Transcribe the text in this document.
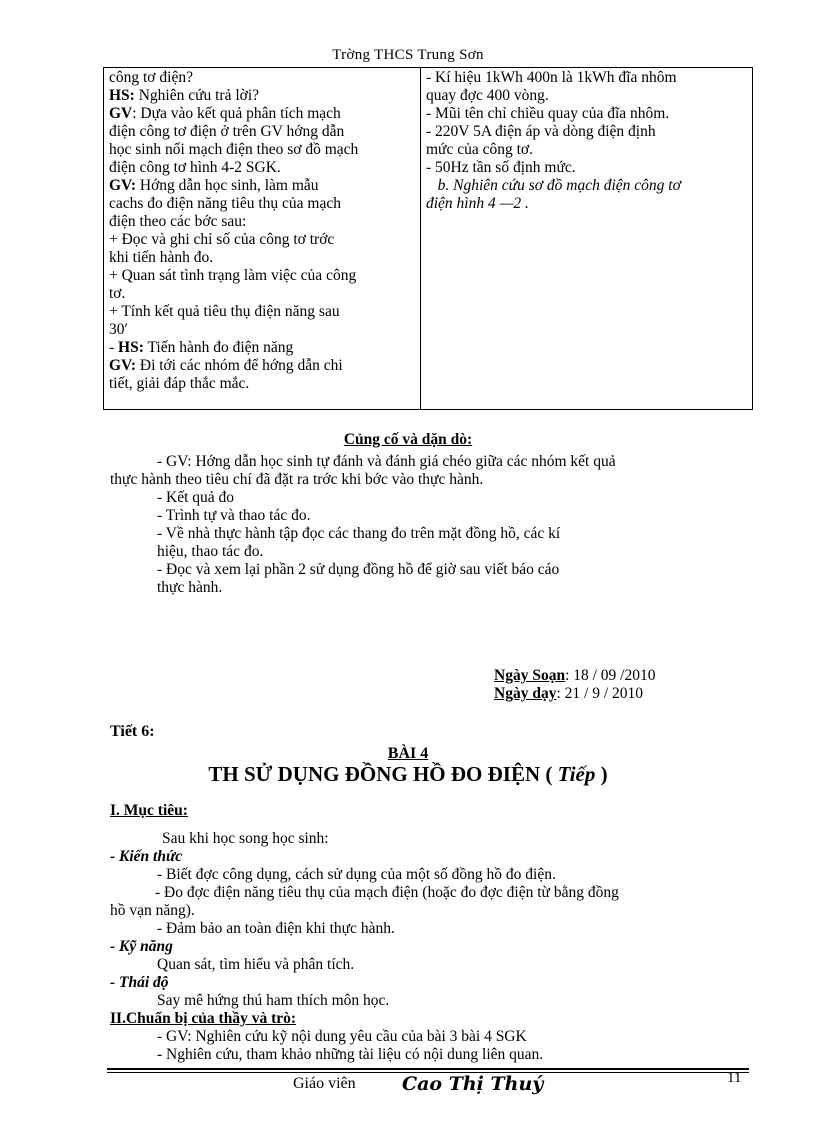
Trờng THCS Trung Sơn
công tơ điện?
HS: Nghiên cứu trả lời?
GV: Dựa vào kết quả phân tích mạch
điện công tơ điện ở trên GV hớng dẫn
học sinh nối mạch điện theo sơ đồ mạch
điện công tơ hình 4-2 SGK.
GV: Hớng dẫn học sinh, làm mẫu
cachs đo điện năng tiêu thụ của mạch
điện theo các bớc sau:
+ Đọc và ghi chỉ số của công tơ trớc
khi tiến hành đo.
+ Quan sát tình trạng làm việc của công
tơ.
+ Tính kết quả tiêu thụ điện năng sau
30′
- HS: Tiến hành đo điện năng
GV: Đi tới các nhóm để hớng dẫn chi
tiết, giải đáp thắc mắc.
- Kí hiệu 1kWh 400n là 1kWh đĩa nhôm
quay đợc 400 vòng.
- Mũi tên chỉ chiều quay của đĩa nhôm.
- 220V 5A điện áp và dòng điện định
mức của công tơ.
- 50Hz tần số định mức.
b. Nghiên cứu sơ đồ mạch điện công tơ
điện hình 4 —2 .
Củng cố và dặn dò:
- GV: Hớng dẫn học sinh tự đánh và đánh giá chéo giữa các nhóm kết quả
thực hành theo tiêu chí đã đặt ra trớc khi bớc vào thực hành.
- Kết quả đo
- Trình tự và thao tác đo.
- Về nhà thực hành tập đọc các thang đo trên mặt đồng hồ, các kí
hiệu, thao tác đo.
- Đọc và xem lại phần 2 sử dụng đồng hồ để giờ sau viết báo cáo
thực hành.
Ngày Soạn: 18 / 09 /2010
Ngày dạy: 21 / 9 / 2010
Tiết 6:
BÀI 4
TH SỬ DỤNG ĐỒNG HỒ ĐO ĐIỆN ( Tiếp )
I. Mục tiêu:
Sau khi học song học sinh:
- Kiến thức
- Biết đợc công dụng, cách sử dụng của một số đồng hồ đo điện.
- Đo đợc điện năng tiêu thụ của mạch điện (hoặc đo đợc điện từ bằng đồng
hồ vạn năng).
- Đảm bảo an toàn điện khi thực hành.
- Kỹ năng
Quan sát, tìm hiểu và phân tích.
- Thái độ
Say mê hứng thú ham thích môn học.
II.Chuẩn bị của thầy và trò:
- GV: Nghiên cứu kỹ nội dung yêu cầu của bài 3 bài 4 SGK
- Nghiên cứu, tham khảo những tài liệu có nội dung liên quan.
Giáo viên Cao Thị Thuý	11
